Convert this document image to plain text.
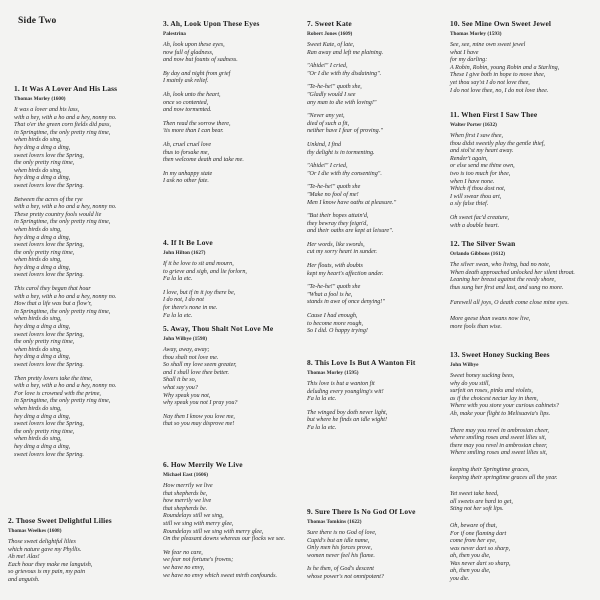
Side Two
1. It Was A Lover And His Lass
Thomas Morley (1600)
It was a lover and his lass,
with a hey, with a ho and a hey, nonny no.
That o'er the green corn fields did pass,
in Springtime, the only pretty ring time,
when birds do sing,
hey ding a ding a ding,
sweet lovers love the Spring,
the only pretty ring time,
when birds do sing,
hey ding a ding a ding,
sweet lovers love the Spring.
Between the acres of the rye
with a hey, with a ho and a hey, nonny no.
These pretty country fools would lie
in Springtime, the only pretty ring time,
when birds do sing,
hey ding a ding a ding,
sweet lovers love the Spring,
the only pretty ring time,
when birds do sing,
hey ding a ding a ding,
sweet lovers love the Spring.
This carol they began that hour
with a hey, with a ho and a hey, nonny no.
How that a life was but a flow'r,
in Springtime, the only pretty ring time,
when birds do sing,
hey ding a ding a ding,
sweet lovers love the Spring,
the only pretty ring time,
when birds do sing,
hey ding a ding a ding,
sweet lovers love the Spring.
Then pretty lovers take the time,
with a hey, with a ho and a hey, nonny no.
For love is crowned with the prime,
in Springtime, the only pretty ring time,
when birds do sing,
hey ding a ding a ding,
sweet lovers love the Spring,
the only pretty ring time,
when birds do sing,
hey ding a ding a ding,
sweet lovers love the Spring.
2. Those Sweet Delightful Lilies
Thomas Weelkes (1608)
Those sweet delightful lilies
which nature gave my Phyllis.
Ah me! Alas!
Each hour they make me languish,
so grievous is my pain, my pain
and anguish.
3. Ah, Look Upon These Eyes
Palestrina
Ah, look upon these eyes,
now full of gladness,
and now but founts of sadness.
By day and night from grief
I mainly ask relief.
Ah, look unto the heart,
once so contented,
and now tormented.
Then read the sorrow there,
'tis more than I can bear.
Ah, cruel cruel love
thus to forsake me,
then welcome death and take me.
In my unhappy state
I ask no other fate.
4. If It Be Love
John Hilton (1627)
If it be love to sit and mourn,
to grieve and sigh, and lie forlorn,
Fa la la etc.
I love, but if in it joy there be,
I do not, I do not
for there's none in me.
Fa la la etc.
5. Away, Thou Shalt Not Love Me
John Wilbye (1598)
Away, away, away;
thou shalt not love me.
So shall my love seem greater,
and I shall love thee better.
Shall it be so,
what say you?
Why speak you not,
why speak you not I pray you?
Nay then I know you love me,
that so you may disprove me!
6. How Merrily We Live
Michael East (1606)
How merrily we live
that shepherds be,
how merrily we live
that shepherds be.
Roundelays still we sing,
still we sing with merry glee,
Roundelays still we sing with merry glee,
On the pleasant downs whereas our flocks we see.
We fear no care,
we fear not fortune's frowns;
we have no envy,
we have no envy which sweet mirth confounds.
7. Sweet Kate
Robert Jones (1609)
Sweet Kate, of late,
Ran away and left me plaining.
"Abide!" I cried,
"Or I die with thy disdaining".
"Te-he-he!" quoth she,
"Gladly would I see
any man to die with loving!"
"Never any yet,
died of such a fit,
neither have I fear of proving."
Unkind, I find
thy delight is in tormenting.
"Abide!" I cried,
"Or I die with thy consenting".
"Te-he-he!" quoth she
"Make no fool of me!
Men I know have oaths at pleasure."
"But their hopes attain'd,
they bewray they feign'd,
and their oaths are kept at leisure".
Her words, like swords,
cut my sorry heart in sunder.
Her flouts, with doubts
kept my heart's affection under.
"Te-he-he!" quoth she
"What a fool is he,
stands in awe of once denying!"
Cause I had enough,
to become more rough,
So I did. O happy trying!
8. This Love Is But A Wanton Fit
Thomas Morley (1595)
This love is but a wanton fit
deluding every youngling's wit!
Fa la la etc.
The winged boy doth never light,
but where he finds an idle wight!
Fa la la etc.
9. Sure There Is No God Of Love
Thomas Tomkins (1622)
Sure there is no God of love,
Cupid's but an idle name,
Only men his forces prove,
women never feel his flame.
Is he then, of God's descent
whose power's not omnipotent?
10. See Mine Own Sweet Jewel
Thomas Morley (1593)
See, see, mine own sweet jewel
what I have
for my darling:
A Robin, Robin, young Robin and a Starling,
These I give both in hope to move thee,
yet thou say'st I do not love thee,
I do not love thee, no, I do not love thee.
11. When First I Saw Thee
Walter Porter (1632)
When first I saw thee,
thou didst sweetly play the gentle thief,
and stol'st my heart away.
Render't again,
or else send me thine own,
two is too much for thee,
when I have none.
Which if thou dost not,
I will swear thou art,
a sly false thief.
Oh sweet fac'd creature,
with a double heart.
12. The Silver Swan
Orlando Gibbons (1612)
The silver swan, who living, had no note,
When death approached unlocked her silent throat.
Leaning her breast against the reedy shore,
thus sung her first and last, and sung no more.
Farewell all joys, O death come close mine eyes.
More geese than swans now live,
more fools than wise.
13. Sweet Honey Sucking Bees
John Wilbye
Sweet honey sucking bees,
why do you still,
surfeit on roses, pinks and violets,
as if the choicest nectar lay in them,
Where with you store your curious cabinets?
Ah, make your flight to Melisuavia's lips.
There may you revel in ambrosian cheer,
where smiling roses and sweet lilies sit,
there may you revel in ambrosian cheer,
Where smiling roses and sweet lilies sit,
keeping their Springtime graces,
keeping their springtime graces all the year.
Yet sweet take heed,
all sweets are hard to get,
Sting not her soft lips.
Oh, beware of that,
For if one flaming dart
come from her eye,
was never dart so sharp,
ah, then you die,
Was never dart so sharp,
ah, then you die,
you die.
